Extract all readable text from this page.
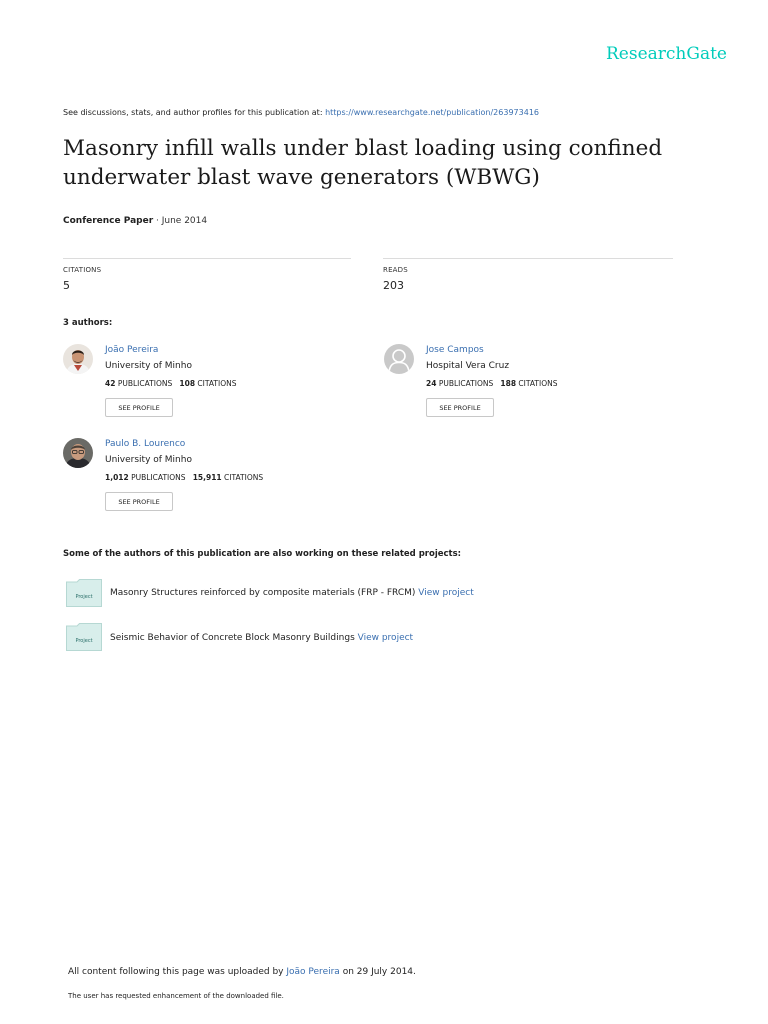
ResearchGate
See discussions, stats, and author profiles for this publication at: https://www.researchgate.net/publication/263973416
Masonry infill walls under blast loading using confined underwater blast wave generators (WBWG)
Conference Paper · June 2014
CITATIONS
5
READS
203
3 authors:
João Pereira
University of Minho
42 PUBLICATIONS 108 CITATIONS
SEE PROFILE
Jose Campos
Hospital Vera Cruz
24 PUBLICATIONS 188 CITATIONS
SEE PROFILE
Paulo B. Lourenco
University of Minho
1,012 PUBLICATIONS 15,911 CITATIONS
SEE PROFILE
Some of the authors of this publication are also working on these related projects:
Project Masonry Structures reinforced by composite materials (FRP - FRCM) View project
Project Seismic Behavior of Concrete Block Masonry Buildings View project
All content following this page was uploaded by João Pereira on 29 July 2014.
The user has requested enhancement of the downloaded file.
